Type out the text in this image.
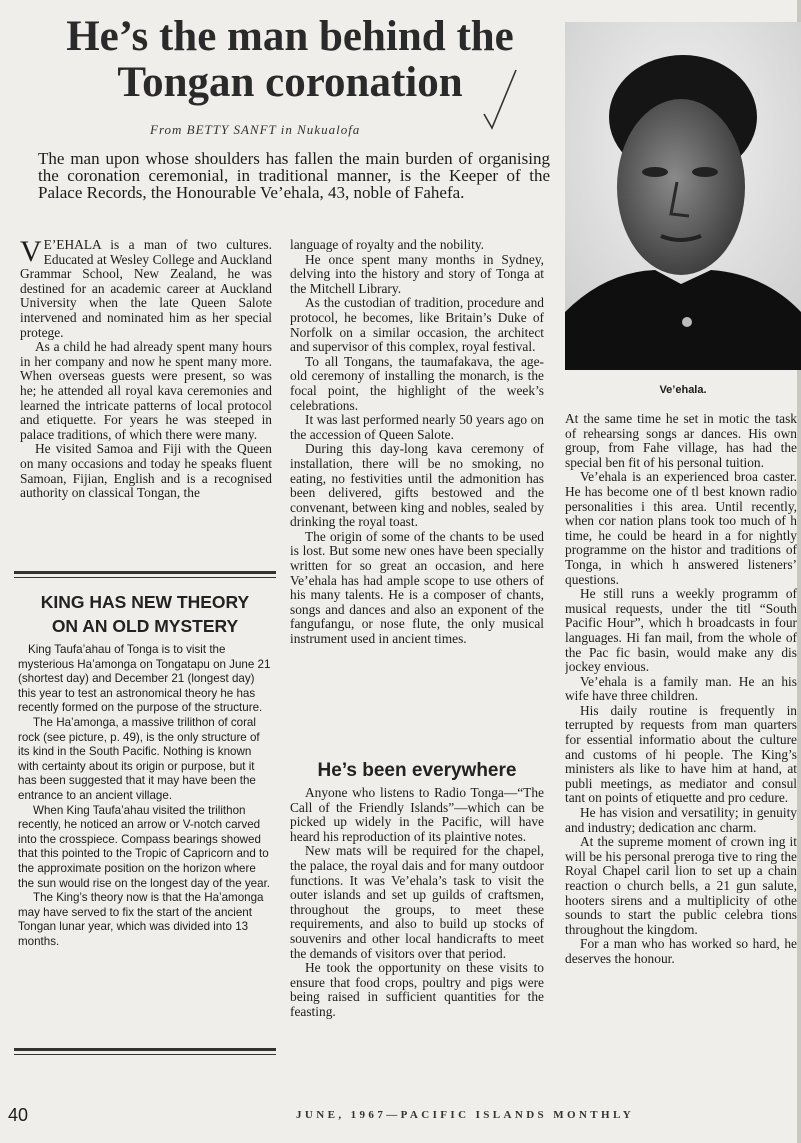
He’s the man behind the
Tongan coronation
From BETTY SANFT in Nukualofa

The man upon whose shoulders has fallen the main burden of organising the coronation ceremonial, in traditional manner, is the Keeper of the Palace Records, the Honourable Ve’ehala, 43, noble of Fahefa.

V E’EHALA is a man of two cultures. Educated at Wesley College and Auckland Grammar School, New Zealand, he was destined for an academic career at Auckland University when the late Queen Salote intervened and nominated him as her special protege.

As a child he had already spent many hours in her company and now he spent many more. When overseas guests were present, so was he; he attended all royal kava ceremonies and learned the intricate patterns of local protocol and etiquette. For years he was steeped in palace traditions, of which there were many.

He visited Samoa and Fiji with the Queen on many occasions and today he speaks fluent Samoan, Fijian, English and is a recognised authority on classical Tongan, the

language of royalty and the nobility.

He once spent many months in Sydney, delving into the history and story of Tonga at the Mitchell Library.

As the custodian of tradition, procedure and protocol, he becomes, like Britain’s Duke of Norfolk on a similar occasion, the architect and supervisor of this complex, royal festival.

To all Tongans, the taumafakava, the age-old ceremony of installing the monarch, is the focal point, the highlight of the week’s celebrations.

It was last performed nearly 50 years ago on the accession of Queen Salote.

During this day-long kava ceremony of installation, there will be no smoking, no eating, no festivities until the admonition has been delivered, gifts bestowed and the convenant, between king and nobles, sealed by drinking the royal toast.

The origin of some of the chants to be used is lost. But some new ones have been specially written for so great an occasion, and here Ve’ehala has had ample scope to use others of his many talents. He is a composer of chants, songs and dances and also an exponent of the fangufangu, or nose flute, the only musical instrument used in ancient times.

KING HAS NEW THEORY
ON AN OLD MYSTERY

King Taufa’ahau of Tonga is to visit the mysterious Ha’amonga on Tongatapu on June 21 (shortest day) and December 21 (longest day) this year to test an astronomical theory he has recently formed on the purpose of the structure.

The Ha’amonga, a massive trilithon of coral rock (see picture, p. 49), is the only structure of its kind in the South Pacific. Nothing is known with certainty about its origin or purpose, but it has been suggested that it may have been the entrance to an ancient village.

When King Taufa’ahau visited the trilithon recently, he noticed an arrow or V-notch carved into the crosspiece. Compass bearings showed that this pointed to the Tropic of Capricorn and to the approximate position on the horizon where the sun would rise on the longest day of the year.

The King’s theory now is that the Ha’amonga may have served to fix the start of the ancient Tongan lunar year, which was divided into 13 months.

He’s been everywhere

Anyone who listens to Radio Tonga—“The Call of the Friendly Islands”—which can be picked up widely in the Pacific, will have heard his reproduction of its plaintive notes.

New mats will be required for the chapel, the palace, the royal dais and for many outdoor functions. It was Ve’ehala’s task to visit the outer islands and set up guilds of craftsmen, throughout the groups, to meet these requirements, and also to build up stocks of souvenirs and other local handicrafts to meet the demands of visitors over that period.

He took the opportunity on these visits to ensure that food crops, poultry and pigs were being raised in sufficient quantities for the feasting.

Ve’ehala.

At the same time he set in motic the task of rehearsing songs ar dances. His own group, from Fahe village, has had the special ben fit of his personal tuition.

Ve’ehala is an experienced broa caster. He has become one of tl best known radio personalities i this area. Until recently, when cor nation plans took too much of h time, he could be heard in a for nightly programme on the histor and traditions of Tonga, in which h answered listeners’ questions.

He still runs a weekly programm of musical requests, under the titl “South Pacific Hour”, which h broadcasts in four languages. Hi fan mail, from the whole of the Pac fic basin, would make any dis jockey envious.

Ve’ehala is a family man. He an his wife have three children.

His daily routine is frequently in terrupted by requests from man quarters for essential informatio about the culture and customs of hi people. The King’s ministers als like to have him at hand, at publi meetings, as mediator and consul tant on points of etiquette and pro cedure.

He has vision and versatility; in genuity and industry; dedication anc charm.

At the supreme moment of crown ing it will be his personal preroga tive to ring the Royal Chapel caril lion to set up a chain reaction o church bells, a 21 gun salute, hooters sirens and a multiplicity of othe sounds to start the public celebra tions throughout the kingdom.

For a man who has worked so hard, he deserves the honour.

40	JUNE, 1967—PACIFIC ISLANDS MONTHLY
